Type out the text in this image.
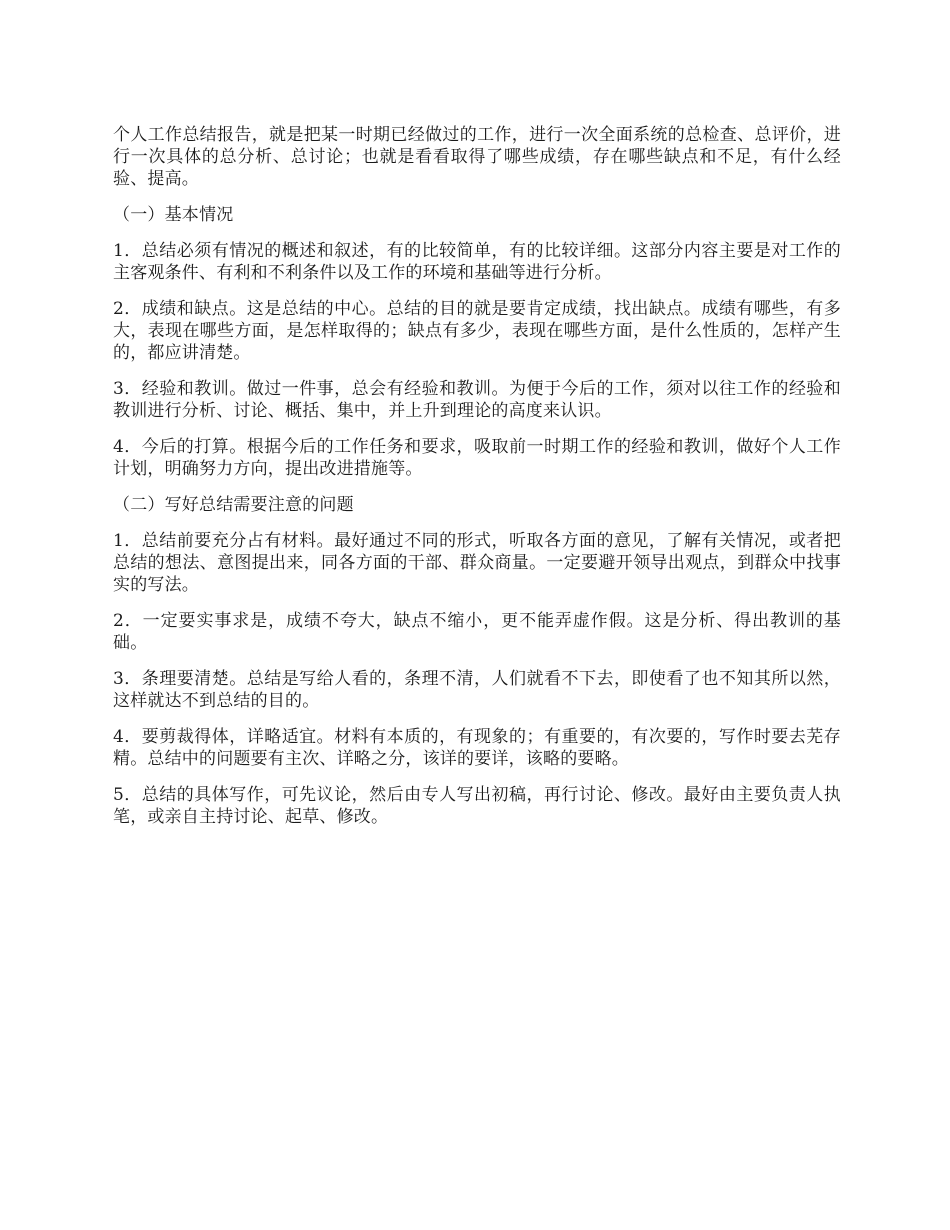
个人工作总结报告，就是把某一时期已经做过的工作，进行一次全面系统的总检查、总评价，进行一次具体的总分析、总讨论；也就是看看取得了哪些成绩，存在哪些缺点和不足，有什么经验、提高。

（一）基本情况

1．总结必须有情况的概述和叙述，有的比较简单，有的比较详细。这部分内容主要是对工作的主客观条件、有利和不利条件以及工作的环境和基础等进行分析。

2．成绩和缺点。这是总结的中心。总结的目的就是要肯定成绩，找出缺点。成绩有哪些，有多大，表现在哪些方面，是怎样取得的；缺点有多少，表现在哪些方面，是什么性质的，怎样产生的，都应讲清楚。

3．经验和教训。做过一件事，总会有经验和教训。为便于今后的工作，须对以往工作的经验和教训进行分析、讨论、概括、集中，并上升到理论的高度来认识。

4．今后的打算。根据今后的工作任务和要求，吸取前一时期工作的经验和教训，做好个人工作计划，明确努力方向，提出改进措施等。

（二）写好总结需要注意的问题

1．总结前要充分占有材料。最好通过不同的形式，听取各方面的意见，了解有关情况，或者把总结的想法、意图提出来，同各方面的干部、群众商量。一定要避开领导出观点，到群众中找事实的写法。

2．一定要实事求是，成绩不夸大，缺点不缩小，更不能弄虚作假。这是分析、得出教训的基础。

3．条理要清楚。总结是写给人看的，条理不清，人们就看不下去，即使看了也不知其所以然，这样就达不到总结的目的。

4．要剪裁得体，详略适宜。材料有本质的，有现象的；有重要的，有次要的，写作时要去芜存精。总结中的问题要有主次、详略之分，该详的要详，该略的要略。

5．总结的具体写作，可先议论，然后由专人写出初稿，再行讨论、修改。最好由主要负责人执笔，或亲自主持讨论、起草、修改。
